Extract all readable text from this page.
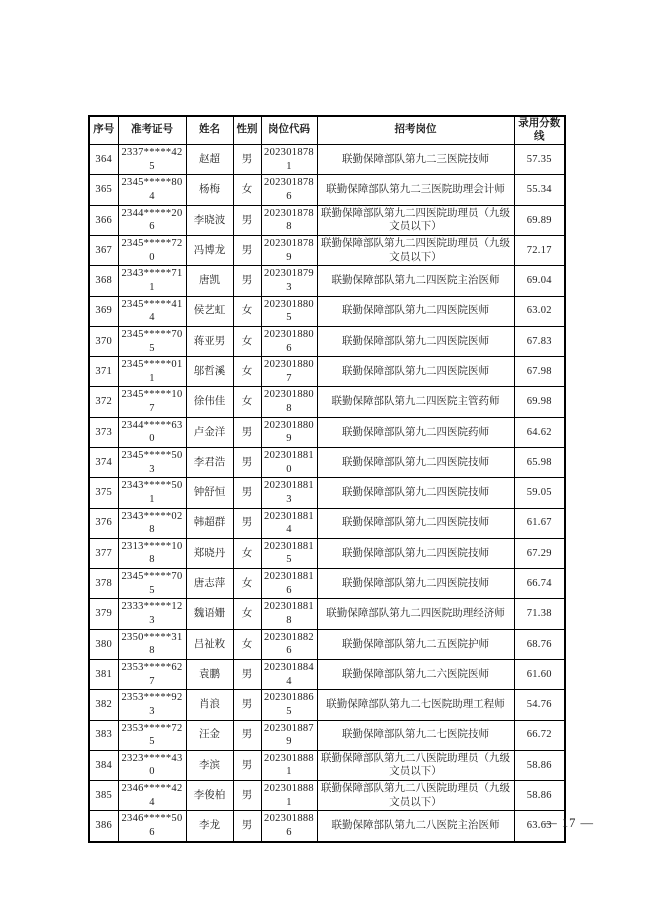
序号	准考证号	姓名	性别	岗位代码	招考岗位	录用分数线
364	2337*****425	赵超	男	2023018781	联勤保障部队第九二三医院技师	57.35
365	2345*****804	杨梅	女	2023018786	联勤保障部队第九二三医院助理会计师	55.34
366	2344*****206	李晓波	男	2023018788	联勤保障部队第九二四医院助理员（九级文员以下）	69.89
367	2345*****720	冯博龙	男	2023018789	联勤保障部队第九二四医院助理员（九级文员以下）	72.17
368	2343*****711	唐凯	男	2023018793	联勤保障部队第九二四医院主治医师	69.04
369	2345*****414	侯艺虹	女	2023018805	联勤保障部队第九二四医院医师	63.02
370	2345*****705	蒋亚男	女	2023018806	联勤保障部队第九二四医院医师	67.83
371	2345*****011	邬哲溪	女	2023018807	联勤保障部队第九二四医院医师	67.98
372	2345*****107	徐伟佳	女	2023018808	联勤保障部队第九二四医院主管药师	69.98
373	2344*****630	卢金洋	男	2023018809	联勤保障部队第九二四医院药师	64.62
374	2345*****503	李君浩	男	2023018810	联勤保障部队第九二四医院技师	65.98
375	2343*****501	钟舒恒	男	2023018813	联勤保障部队第九二四医院技师	59.05
376	2343*****028	韩超群	男	2023018814	联勤保障部队第九二四医院技师	61.67
377	2313*****108	郑晓丹	女	2023018815	联勤保障部队第九二四医院技师	67.29
378	2345*****705	唐志萍	女	2023018816	联勤保障部队第九二四医院技师	66.74
379	2333*****123	魏语姗	女	2023018818	联勤保障部队第九二四医院助理经济师	71.38
380	2350*****318	吕祉敉	女	2023018826	联勤保障部队第九二五医院护师	68.76
381	2353*****627	袁鹏	男	2023018844	联勤保障部队第九二六医院医师	61.60
382	2353*****923	肖浪	男	2023018865	联勤保障部队第九二七医院助理工程师	54.76
383	2353*****725	汪金	男	2023018879	联勤保障部队第九二七医院技师	66.72
384	2323*****430	李滨	男	2023018881	联勤保障部队第九二八医院助理员（九级文员以下）	58.86
385	2346*****424	李俊柏	男	2023018881	联勤保障部队第九二八医院助理员（九级文员以下）	58.86
386	2346*****506	李龙	男	2023018886	联勤保障部队第九二八医院主治医师	63.63
— 17 —
